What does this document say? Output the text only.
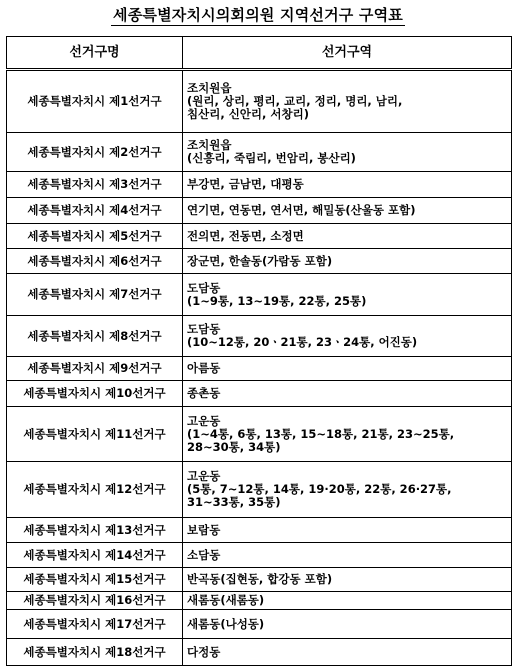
세종특별자치시의회의원 지역선거구 구역표
선거구명	선거구역
세종특별자치시 제1선거구	조치원읍
(원리, 상리, 평리, 교리, 정리, 명리, 남리,
침산리, 신안리, 서창리)

세종특별자치시 제2선거구	조치원읍
(신흥리, 죽림리, 번암리, 봉산리)

세종특별자치시 제3선거구	부강면, 금남면, 대평동

세종특별자치시 제4선거구	연기면, 연동면, 연서면, 해밀동(산울동 포함)

세종특별자치시 제5선거구	전의면, 전동면, 소정면

세종특별자치시 제6선거구	장군면, 한솔동(가람동 포함)

세종특별자치시 제7선거구	도담동
(1∼9통, 13∼19통, 22통, 25통)

세종특별자치시 제8선거구	도담동
(10∼12통, 20ㆍ21통, 23ㆍ24통, 어진동)

세종특별자치시 제9선거구	아름동

세종특별자치시 제10선거구	종촌동

세종특별자치시 제11선거구	고운동
(1∼4통, 6통, 13통, 15∼18통, 21통, 23∼25통,
28∼30통, 34통)

세종특별자치시 제12선거구	고운동
(5통, 7∼12통, 14통, 19·20통, 22통, 26·27통,
31∼33통, 35통)

세종특별자치시 제13선거구	보람동

세종특별자치시 제14선거구	소담동

세종특별자치시 제15선거구	반곡동(집현동, 합강동 포함)

세종특별자치시 제16선거구	새롬동(새롬동)

세종특별자치시 제17선거구	새롬동(나성동)

세종특별자치시 제18선거구	다정동
